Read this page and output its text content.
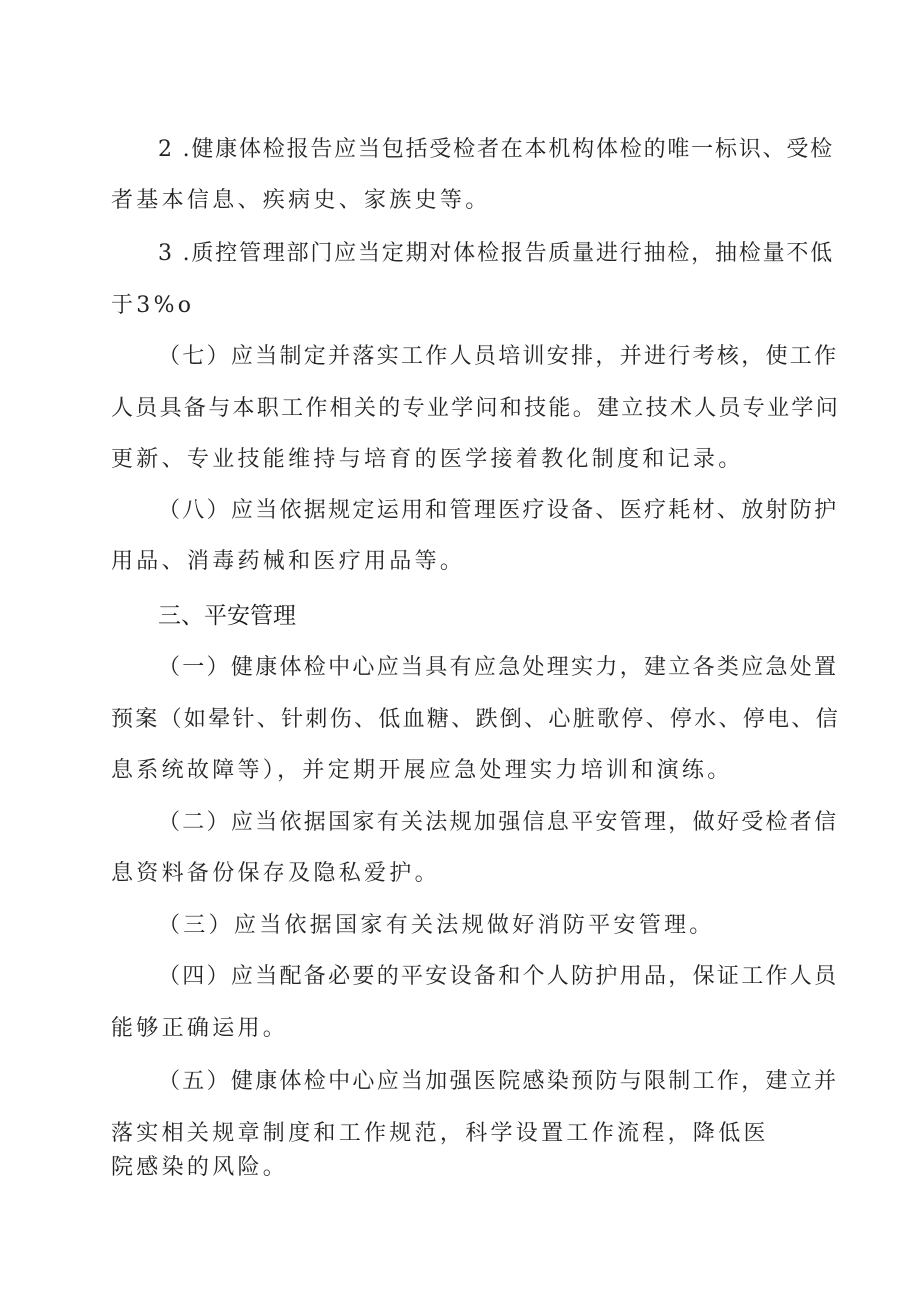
2 .健康体检报告应当包括受检者在本机构体检的唯一标识、受检
者基本信息、疾病史、家族史等。
3 .质控管理部门应当定期对体检报告质量进行抽检，抽检量不低
于3%o
（七）应当制定并落实工作人员培训安排，并进行考核，使工作
人员具备与本职工作相关的专业学问和技能。建立技术人员专业学问
更新、专业技能维持与培育的医学接着教化制度和记录。
（八）应当依据规定运用和管理医疗设备、医疗耗材、放射防护
用品、消毒药械和医疗用品等。
三、平安管理
（一）健康体检中心应当具有应急处理实力，建立各类应急处置
预案（如晕针、针刺伤、低血糖、跌倒、心脏歌停、停水、停电、信
息系统故障等），并定期开展应急处理实力培训和演练。
（二）应当依据国家有关法规加强信息平安管理，做好受检者信
息资料备份保存及隐私爱护。
（三）应当依据国家有关法规做好消防平安管理。
（四）应当配备必要的平安设备和个人防护用品，保证工作人员
能够正确运用。
（五）健康体检中心应当加强医院感染预防与限制工作，建立并
落实相关规章制度和工作规范，科学设置工作流程，降低医
院感染的风险。
